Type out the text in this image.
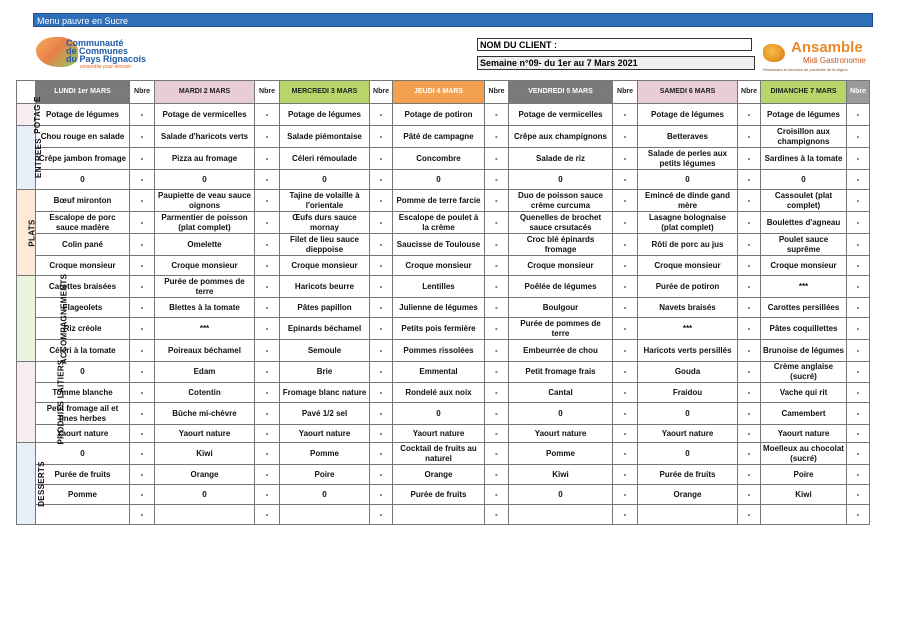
Menu pauvre en Sucre
Communauté
de Communes
du Pays Rignacois
ensemble pour demain
NOM DU CLIENT :
Semaine n°09- du 1er au 7 Mars 2021
Ansamble
Midi Gastronomie
Restaurant et services de proximité de la région
	LUNDI 1er MARS	Nbre	MARDI 2 MARS	Nbre	MERCREDI 3 MARS	Nbre	JEUDI 4 MARS	Nbre	VENDREDI 5 MARS	Nbre	SAMEDI 6 MARS	Nbre	DIMANCHE 7 MARS	Nbre
POTAG E	Potage de légumes	-	Potage de vermicelles	-	Potage de légumes	-	Potage de potiron	-	Potage de vermicelles	-	Potage de légumes	-	Potage de légumes	-
ENTREES	Chou rouge en salade	-	Salade d'haricots verts	-	Salade piémontaise	-	Pâté de campagne	-	Crêpe aux champignons	-	Betteraves	-	Croisillon aux champignons	-
	Crêpe jambon fromage	-	Pizza au fromage	-	Céleri rémoulade	-	Concombre	-	Salade de riz	-	Salade de perles aux petits légumes	-	Sardines à la tomate	-
	0	-	0	-	0	-	0	-	0	-	0	-	0	-
PLATS	Bœuf mironton	-	Paupiette de veau sauce oignons	-	Tajine de volaille à l'orientale	-	Pomme de terre farcie	-	Duo de poisson sauce crème curcuma	-	Emincé de dinde gand mère	-	Cassoulet (plat complet)	-
	Escalope de porc sauce madère	-	Parmentier de poisson (plat complet)	-	Œufs durs sauce mornay	-	Escalope de poulet à la crème	-	Quenelles de brochet sauce crsutacés	-	Lasagne bolognaise (plat complet)	-	Boulettes d'agneau	-
	Colin pané	-	Omelette	-	Filet de lieu sauce dieppoise	-	Saucisse de Toulouse	-	Croc blé épinards fromage	-	Rôti de porc au jus	-	Poulet sauce suprême	-
	Croque monsieur	-	Croque monsieur	-	Croque monsieur	-	Croque monsieur	-	Croque monsieur	-	Croque monsieur	-	Croque monsieur	-
ACCOMPAGNEMENTS	Carottes braisées	-	Purée de pommes de terre	-	Haricots beurre	-	Lentilles	-	Poêlée de légumes	-	Purée de potiron	-	***	-
	Flageolets	-	Blettes à la tomate	-	Pâtes papillon	-	Julienne de légumes	-	Boulgour	-	Navets braisés	-	Carottes persillées	-
	Riz créole	-	***	-	Epinards béchamel	-	Petits pois fermière	-	Purée de pommes de terre	-	***	-	Pâtes coquillettes	-
	Céléri à la tomate	-	Poireaux béchamel	-	Semoule	-	Pommes rissolées	-	Embeurrée de chou	-	Haricots verts persillés	-	Brunoise de légumes	-
PRODUITS LAITIERS	0	-	Edam	-	Brie	-	Emmental	-	Petit fromage frais	-	Gouda	-	Crème anglaise (sucré)	-
	Tomme blanche	-	Cotentin	-	Fromage blanc nature	-	Rondelé aux noix	-	Cantal	-	Fraidou	-	Vache qui rit	-
	Petit fromage ail et fines herbes	-	Bûche mi-chèvre	-	Pavé 1/2 sel	-	0	-	0	-	0	-	Camembert	-
	Yaourt nature	-	Yaourt nature	-	Yaourt nature	-	Yaourt nature	-	Yaourt nature	-	Yaourt nature	-	Yaourt nature	-
DESSERTS	0	-	Kiwi	-	Pomme	-	Cocktail de fruits au naturel	-	Pomme	-	0	-	Moelleux au chocolat (sucré)	-
	Purée de fruits	-	Orange	-	Poire	-	Orange	-	Kiwi	-	Purée de fruits	-	Poire	-
	Pomme	-	0	-	0	-	Purée de fruits	-	0	-	Orange	-	Kiwi	-
		-		-		-		-		-		-		-
